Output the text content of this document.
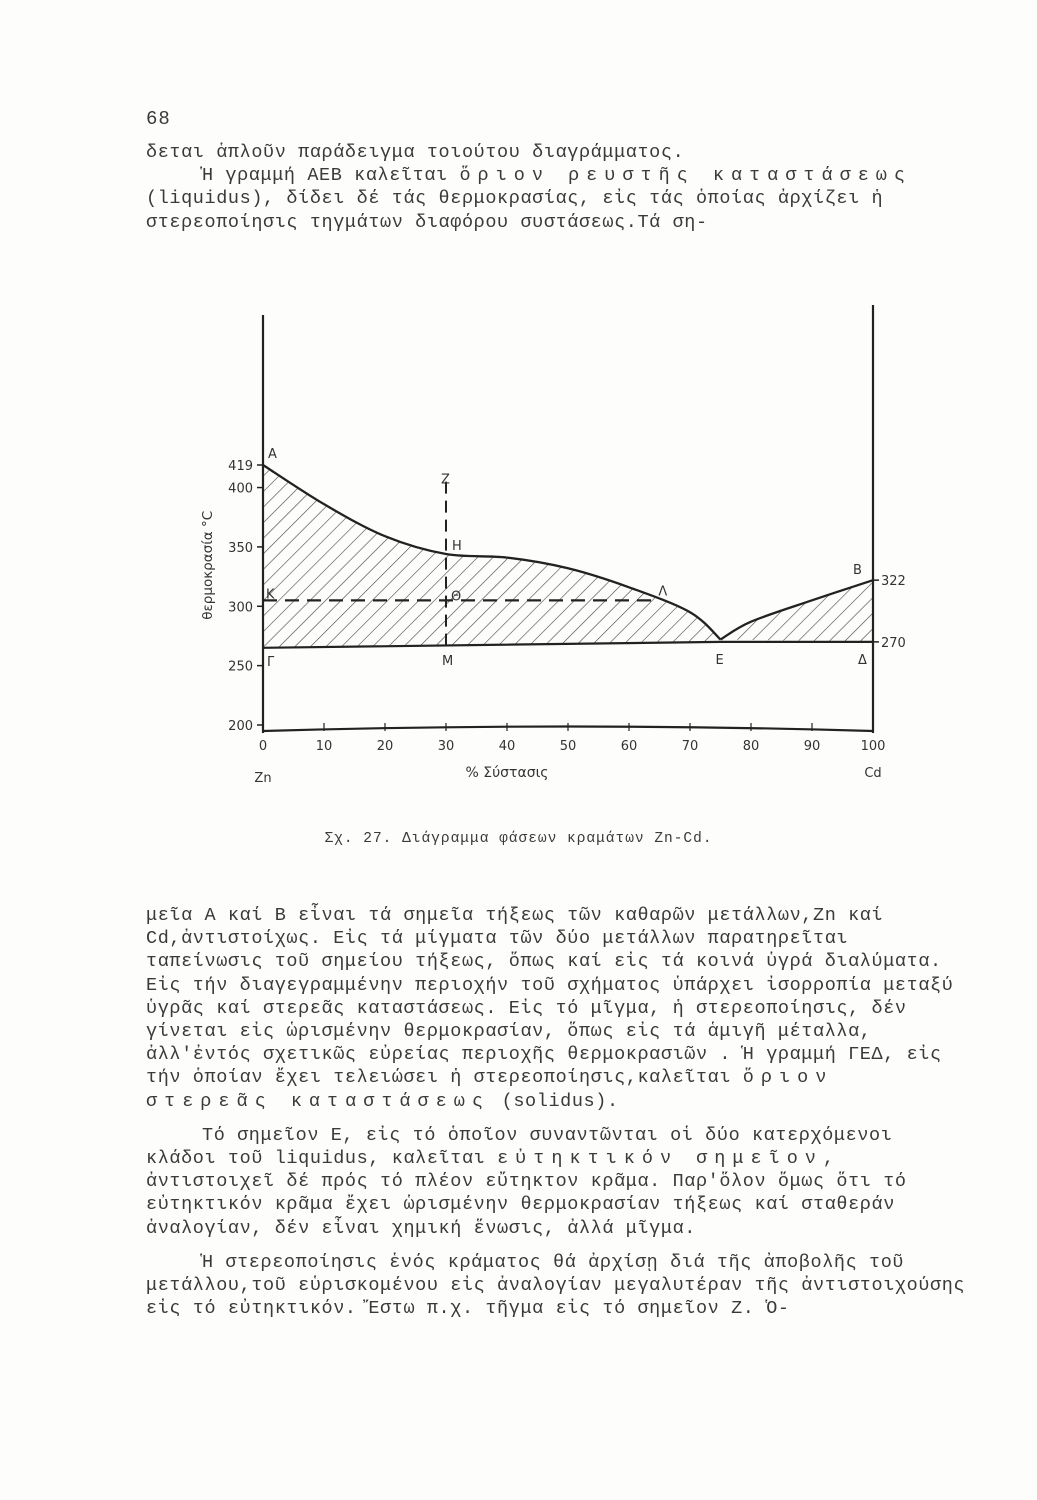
68

δεται ἁπλοῦν παράδειγμα τοιούτου διαγράμματος.

Ἡ γραμμή ΑΕΒ καλεῖται ὅριον ρευστῆς καταστάσεως (liquidus), δίδει δέ τάς θερμοκρασίας, εἰς τάς ὁποίας ἀρχίζει ἡ στερεοποίησις τηγμάτων διαφόρου συστάσεως.Τά ση-

419
400
350
300
250
200
0	10	20	30	40	50	60	70	80	90	100
322
270
θερμοκρασία °C
% Σύστασις
Zn	Cd
A
B
E
Γ	Δ
H
Θ
K	Λ
M
Z
Σχ. 27. Διάγραμμα φάσεων κραμάτων Zn-Cd.

μεῖα Α καί Β εἶναι τά σημεῖα τήξεως τῶν καθαρῶν μετάλλων,Zn καί Cd,ἀντιστοίχως. Εἰς τά μίγματα τῶν δύο μετάλλων παρατηρεῖται ταπείνωσις τοῦ σημείου τήξεως, ὅπως καί εἰς τά κοινά ὑγρά διαλύματα. Εἰς τήν διαγεγραμμένην περιοχήν τοῦ σχήματος ὑπάρχει ἰσορροπία μεταξύ ὑγρᾶς καί στερεᾶς καταστάσεως. Εἰς τό μῖγμα, ἡ στερεοποίησις, δέν γίνεται εἰς ὡρισμένην θερμοκρασίαν, ὅπως εἰς τά ἁμιγῆ μέταλλα, ἀλλ'ἐντός σχετικῶς εὐρείας περιοχῆς θερμοκρασιῶν . Ἡ γραμμή ΓΕΔ, εἰς τήν ὁποίαν ἔχει τελειώσει ἡ στερεοποίησις,καλεῖται ὅριον στερεᾶς καταστάσεως (solidus).

Τό σημεῖον Ε, εἰς τό ὁποῖον συναντῶνται οἱ δύο κατερχόμενοι κλάδοι τοῦ liquidus, καλεῖται εὐτηκτικόν σημεῖον, ἀντιστοιχεῖ δέ πρός τό πλέον εὔτηκτον κρᾶμα. Παρ'ὅλον ὅμως ὅτι τό εὐτηκτικόν κρᾶμα ἔχει ὡρισμένην θερμοκρασίαν τήξεως καί σταθεράν ἀναλογίαν, δέν εἶναι χημική ἕνωσις, ἀλλά μῖγμα.

Ἡ στερεοποίησις ἑνός κράματος θά ἀρχίσῃ διά τῆς ἀποβολῆς τοῦ μετάλλου,τοῦ εὑρισκομένου εἰς ἀναλογίαν μεγαλυτέραν τῆς ἀντιστοιχούσης εἰς τό εὐτηκτικόν. Ἔστω π.χ. τῆγμα εἰς τό σημεῖον Ζ. Ὁ-
